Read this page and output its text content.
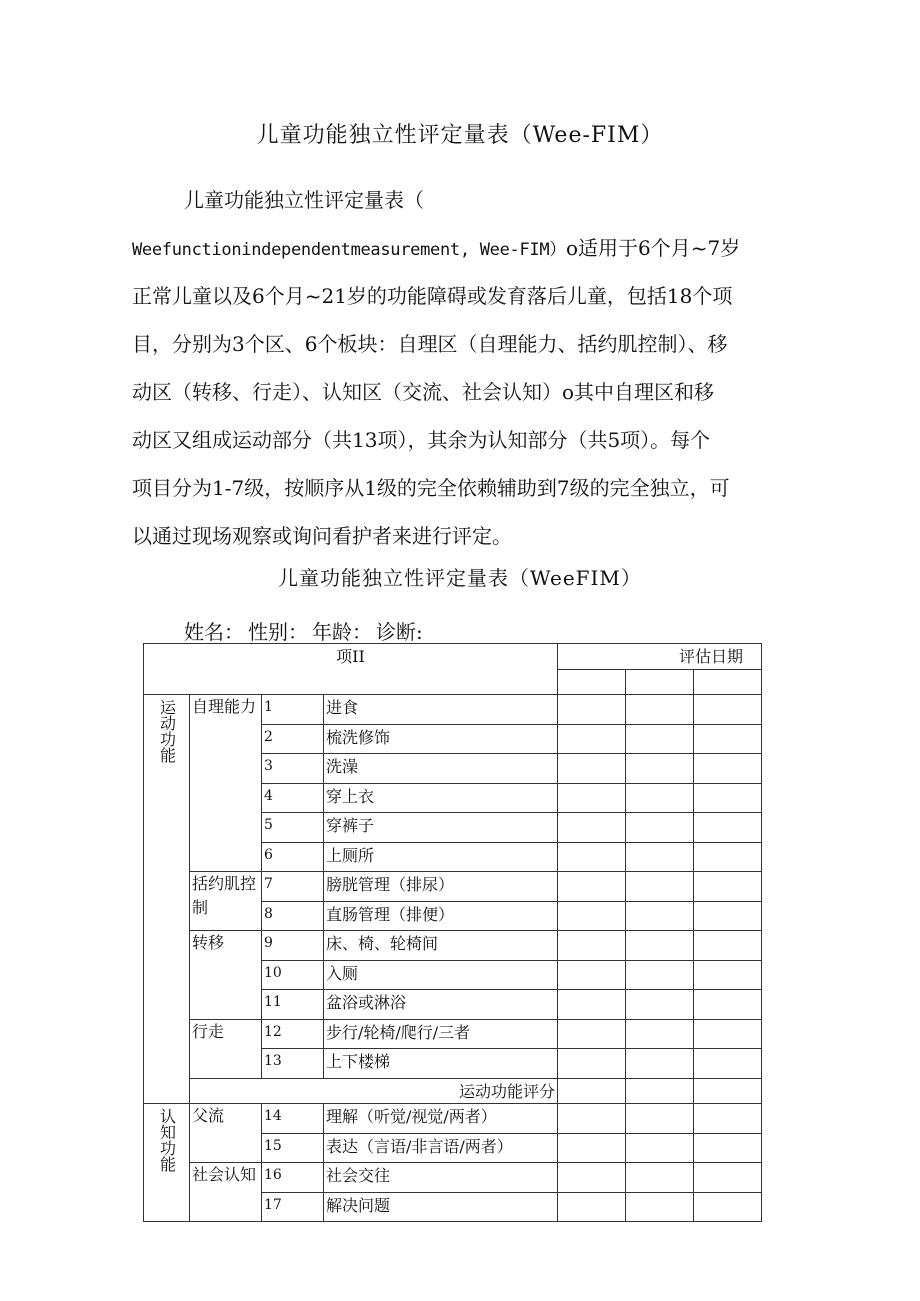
儿童功能独立性评定量表（Wee-FIM）
儿童功能独立性评定量表（
Weefunctionindependentmeasurement, Wee-FIM）o适用于6个月~7岁
正常儿童以及6个月~21岁的功能障碍或发育落后儿童，包括18个项
目，分别为3个区、6个板块：自理区（自理能力、括约肌控制）、移
动区（转移、行走）、认知区（交流、社会认知）o其中自理区和移
动区又组成运动部分（共13项），其余为认知部分（共5项）。每个
项目分为1-7级，按顺序从1级的完全依赖辅助到7级的完全独立，可
以通过现场观察或询问看护者来进行评定。
儿童功能独立性评定量表（WeeFIM）
姓名： 性别： 年龄： 诊断:
项II				评估日期		

运动功能	自理能力	1	进食			
		2	梳洗修饰			
		3	洗澡			
		4	穿上衣			
		5	穿裤子			
		6	上厕所			
	括约肌控制	7	膀胱管理（排尿）			
		8	直肠管理（排便）			
	转移	9	床、椅、轮椅间			
		10	入厕			
		11	盆浴或淋浴			
	行走	12	步行/轮椅/爬行/三者			
		13	上下楼梯			
	运动功能评分					

认知功能	父流	14	理解（听觉/视觉/两者）			
		15	表达（言语/非言语/两者）			
	社会认知	16	社会交往			
		17	解决问题			
